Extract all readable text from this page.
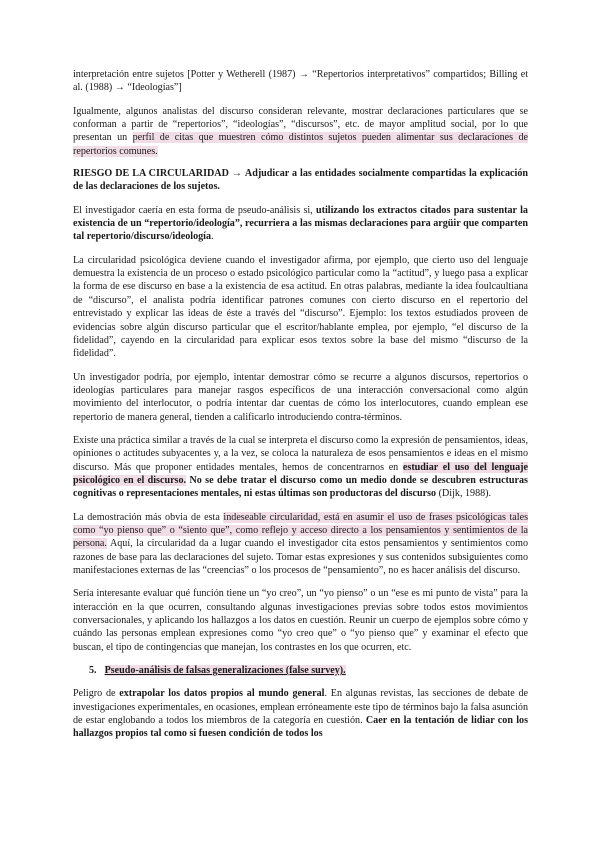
interpretación entre sujetos [Potter y Wetherell (1987) → “Repertorios interpretativos” compartidos; Billing et al. (1988) → “Ideologías”]

Igualmente, algunos analistas del discurso consideran relevante, mostrar declaraciones particulares que se conforman a partir de “repertorios”, “ideologías”, “discursos”, etc. de mayor amplitud social, por lo que presentan un perfil de citas que muestren cómo distintos sujetos pueden alimentar sus declaraciones de repertorios comunes.

RIESGO DE LA CIRCULARIDAD → Adjudicar a las entidades socialmente compartidas la explicación de las declaraciones de los sujetos.

El investigador caería en esta forma de pseudo-análisis si, utilizando los extractos citados para sustentar la existencia de un “repertorio/ideología”, recurriera a las mismas declaraciones para argüir que comparten tal repertorio/discurso/ideología.

La circularidad psicológica deviene cuando el investigador afirma, por ejemplo, que cierto uso del lenguaje demuestra la existencia de un proceso o estado psicológico particular como la “actitud”, y luego pasa a explicar la forma de ese discurso en base a la existencia de esa actitud. En otras palabras, mediante la idea foulcaultiana de “discurso”, el analista podría identificar patrones comunes con cierto discurso en el repertorio del entrevistado y explicar las ideas de éste a través del “discurso”. Ejemplo: los textos estudiados proveen de evidencias sobre algún discurso particular que el escritor/hablante emplea, por ejemplo, “el discurso de la fidelidad”, cayendo en la circularidad para explicar esos textos sobre la base del mismo “discurso de la fidelidad”.

Un investigador podría, por ejemplo, intentar demostrar cómo se recurre a algunos discursos, repertorios o ideologías particulares para manejar rasgos específicos de una interacción conversacional como algún movimiento del interlocutor, o podría intentar dar cuentas de cómo los interlocutores, cuando emplean ese repertorio de manera general, tienden a calificarlo introduciendo contra-términos.

Existe una práctica similar a través de la cual se interpreta el discurso como la expresión de pensamientos, ideas, opiniones o actitudes subyacentes y, a la vez, se coloca la naturaleza de esos pensamientos e ideas en el mismo discurso. Más que proponer entidades mentales, hemos de concentrarnos en estudiar el uso del lenguaje psicológico en el discurso. No se debe tratar el discurso como un medio donde se descubren estructuras cognitivas o representaciones mentales, ni estas últimas son productoras del discurso (Dijk, 1988).

La demostración más obvia de esta indeseable circularidad, está en asumir el uso de frases psicológicas tales como “yo pienso que” o “siento que”, como reflejo y acceso directo a los pensamientos y sentimientos de la persona. Aquí, la circularidad da a lugar cuando el investigador cita estos pensamientos y sentimientos como razones de base para las declaraciones del sujeto. Tomar estas expresiones y sus contenidos subsiguientes como manifestaciones externas de las “creencias” o los procesos de “pensamiento”, no es hacer análisis del discurso.

Sería interesante evaluar qué función tiene un “yo creo”, un “yo pienso” o un “ese es mi punto de vista” para la interacción en la que ocurren, consultando algunas investigaciones previas sobre todos estos movimientos conversacionales, y aplicando los hallazgos a los datos en cuestión. Reunir un cuerpo de ejemplos sobre cómo y cuándo las personas emplean expresiones como “yo creo que” o “yo pienso que” y examinar el efecto que buscan, el tipo de contingencias que manejan, los contrastes en los que ocurren, etc.

5. Pseudo-análisis de falsas generalizaciones (false survey).

Peligro de extrapolar los datos propios al mundo general. En algunas revistas, las secciones de debate de investigaciones experimentales, en ocasiones, emplean erróneamente este tipo de términos bajo la falsa asunción de estar englobando a todos los miembros de la categoría en cuestión. Caer en la tentación de lidiar con los hallazgos propios tal como si fuesen condición de todos los
